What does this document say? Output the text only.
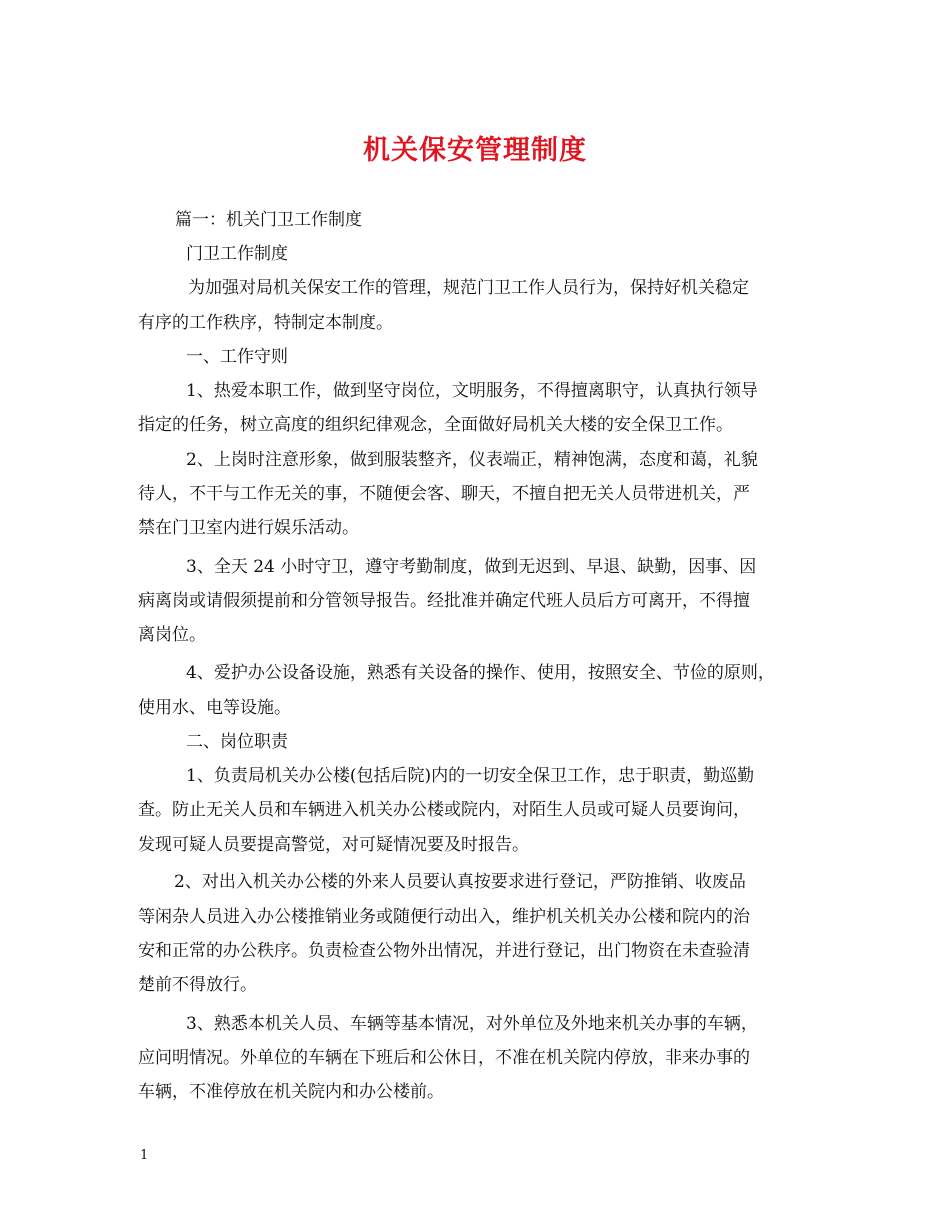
机关保安管理制度
篇一：机关门卫工作制度
门卫工作制度
为加强对局机关保安工作的管理，规范门卫工作人员行为，保持好机关稳定
有序的工作秩序，特制定本制度。
一、工作守则
1、热爱本职工作，做到坚守岗位，文明服务，不得擅离职守，认真执行领导
指定的任务，树立高度的组织纪律观念，全面做好局机关大楼的安全保卫工作。
2、上岗时注意形象，做到服装整齐，仪表端正，精神饱满，态度和蔼，礼貌
待人，不干与工作无关的事，不随便会客、聊天，不擅自把无关人员带进机关，严
禁在门卫室内进行娱乐活动。
3、全天 24 小时守卫，遵守考勤制度，做到无迟到、早退、缺勤，因事、因
病离岗或请假须提前和分管领导报告。经批准并确定代班人员后方可离开，不得擅
离岗位。
4、爱护办公设备设施，熟悉有关设备的操作、使用，按照安全、节俭的原则，
使用水、电等设施。
二、岗位职责
1、负责局机关办公楼(包括后院)内的一切安全保卫工作，忠于职责，勤巡勤
查。防止无关人员和车辆进入机关办公楼或院内，对陌生人员或可疑人员要询问，
发现可疑人员要提高警觉，对可疑情况要及时报告。
2、对出入机关办公楼的外来人员要认真按要求进行登记，严防推销、收废品
等闲杂人员进入办公楼推销业务或随便行动出入，维护机关机关办公楼和院内的治
安和正常的办公秩序。负责检查公物外出情况，并进行登记，出门物资在未查验清
楚前不得放行。
3、熟悉本机关人员、车辆等基本情况，对外单位及外地来机关办事的车辆，
应问明情况。外单位的车辆在下班后和公休日，不准在机关院内停放，非来办事的
车辆，不准停放在机关院内和办公楼前。
1
